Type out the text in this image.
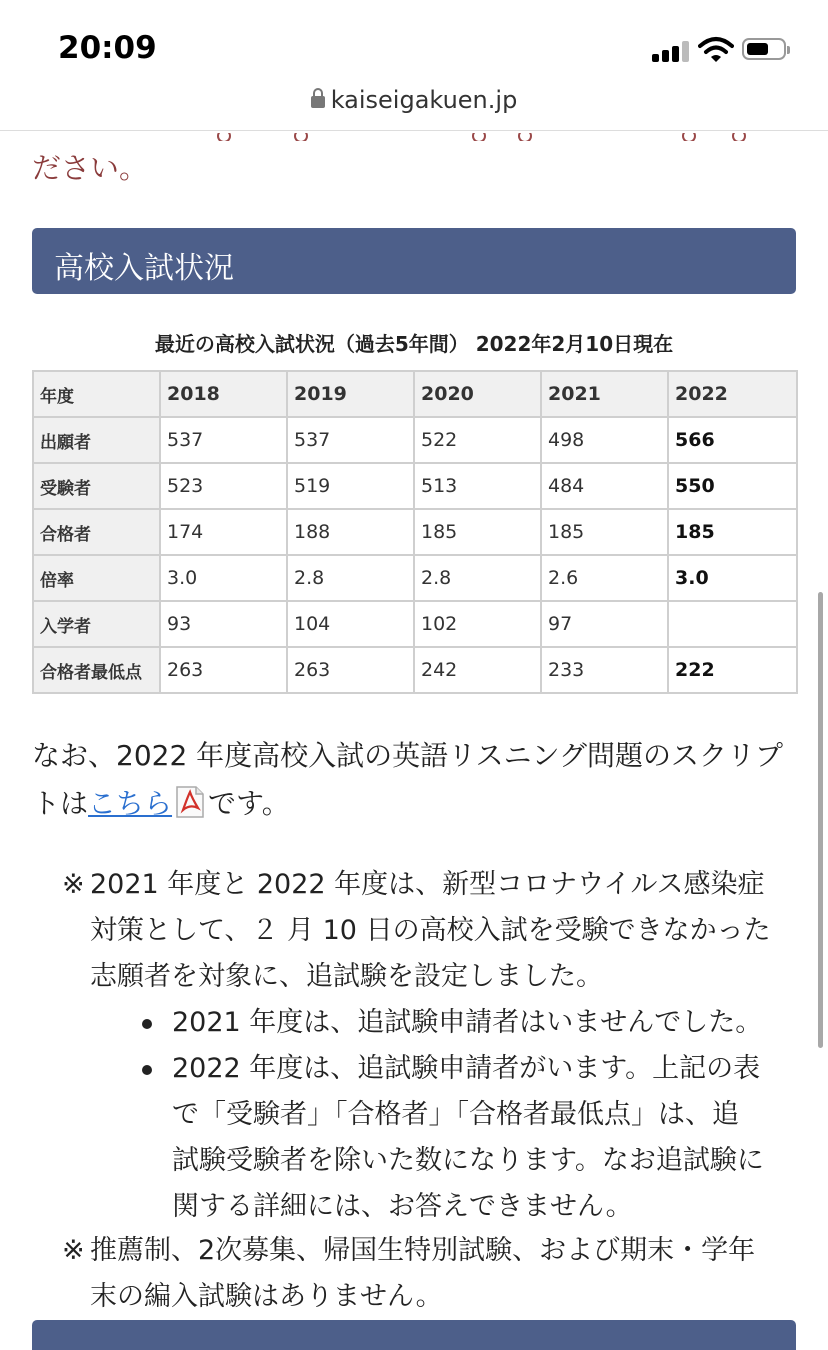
20:09
kaiseigakuen.jp
ださい。
高校入試状況
最近の高校入試状況（過去5年間） 2022年2月10日現在
年度	2018	2019	2020	2021	2022
出願者	537	537	522	498	566
受験者	523	519	513	484	550
合格者	174	188	185	185	185
倍率	3.0	2.8	2.8	2.6	3.0
入学者	93	104	102	97	
合格者最低点	263	263	242	233	222
なお、2022 年度高校入試の英語リスニング問題のスクリプ
トはこちら です。
※ 2021 年度と 2022 年度は、新型コロナウイルス感染症
対策として、２ 月 10 日の高校入試を受験できなかった
志願者を対象に、追試験を設定しました。
2021 年度は、追試験申請者はいませんでした。
2022 年度は、追試験申請者がいます。上記の表
で「受験者」「合格者」「合格者最低点」は、追
試験受験者を除いた数になります。なお追試験に
関する詳細には、お答えできません。
※ 推薦制、2次募集、帰国生特別試験、および期末・学年
末の編入試験はありません。
